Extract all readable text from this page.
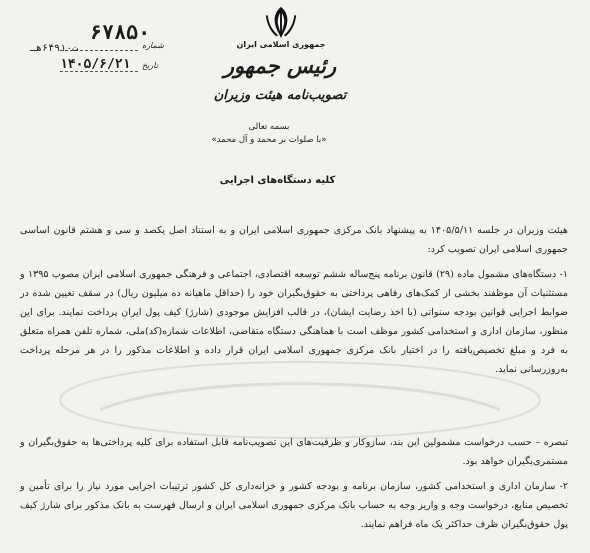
جمهوری اسلامی ایران
رئیس جمهور
تصویب‌نامه هیئت وزیران
۶۷۸۵۰
شماره
ت۶۴۹۱۰هـ
۱۴۰۵/۶/۲۱ تاریخ
بسمه تعالی
«با صلوات بر محمد و آل محمد»
کلیه دستگاه‌های اجرایی
هیئت وزیران در جلسه ۱۴۰۵/۵/۱۱ به پیشنهاد بانک مرکزی جمهوری اسلامی ایران و به استناد اصل یکصد و سی و هشتم قانون اساسی جمهوری اسلامی ایران تصویب کرد:
۱- دستگاه‌های مشمول ماده (۲۹) قانون برنامه پنج‌ساله ششم توسعه اقتصادی، اجتماعی و فرهنگی جمهوری اسلامی ایران مصوب ۱۳۹۵ و مستثنیات آن موظفند بخشی از کمک‌های رفاهی پرداختی به حقوق‌بگیران خود را (حداقل ماهیانه ده میلیون ریال) در سقف تعیین شده در ضوابط اجرایی قوانین بودجه سنواتی (با اخذ رضایت ایشان)، در قالب افزایش موجودی (شارژ) کیف پول ایران پرداخت نمایند. برای این منظور، سازمان اداری و استخدامی کشور موظف است با هماهنگی دستگاه متقاضی، اطلاعات شماره(کد)ملی، شماره تلفن همراه متعلق به فرد و مبلغ تخصیص‌یافته را در اختیار بانک مرکزی جمهوری اسلامی ایران قرار داده و اطلاعات مذکور را در هر مرحله پرداخت به‌روزرسانی نماید.
تبصره – حسب درخواست مشمولین این بند، سازوکار و ظرفیت‌های این تصویب‌نامه قابل استفاده برای کلیه پرداختی‌ها به حقوق‌بگیران و مستمری‌بگیران خواهد بود.
۲- سازمان اداری و استخدامی کشور، سازمان برنامه و بودجه کشور و خزانه‌داری کل کشور ترتیبات اجرایی مورد نیاز را برای تأمین و تخصیص منابع، درخواست وجه و واریز وجه به حساب بانک مرکزی جمهوری اسلامی ایران و ارسال فهرست به بانک مذکور برای شارژ کیف پول حقوق‌بگیران ظرف حداکثر یک ماه فراهم نمایند.
